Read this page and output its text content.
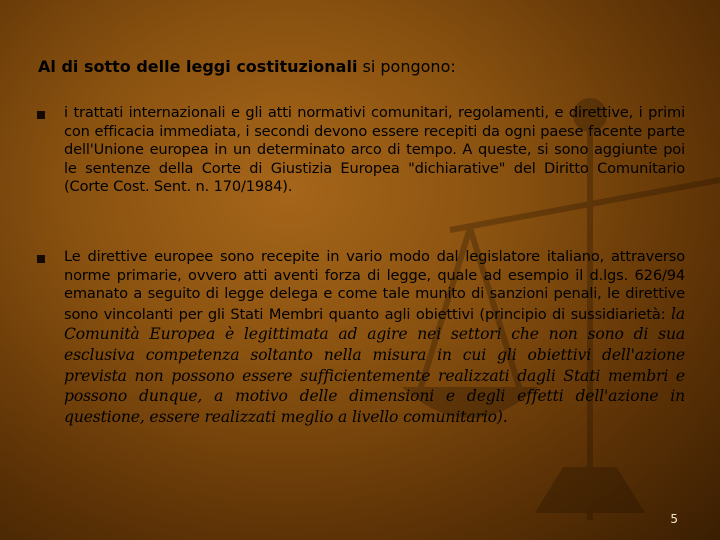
Al di sotto delle leggi costituzionali si pongono:
i trattati internazionali e gli atti normativi comunitari, regolamenti, e direttive, i primi con efficacia immediata, i secondi devono essere recepiti da ogni paese facente parte dell'Unione europea in un determinato arco di tempo. A queste, si sono aggiunte poi le sentenze della Corte di Giustizia Europea "dichiarative" del Diritto Comunitario (Corte Cost. Sent. n. 170/1984).
Le direttive europee sono recepite in vario modo dal legislatore italiano, attraverso norme primarie, ovvero atti aventi forza di legge, quale ad esempio il d.lgs. 626/94 emanato a seguito di legge delega e come tale munito di sanzioni penali, le direttive sono vincolanti per gli Stati Membri quanto agli obiettivi (principio di sussidiarietà: la Comunità Europea è legittimata ad agire nei settori che non sono di sua esclusiva competenza soltanto nella misura in cui gli obiettivi dell'azione prevista non possono essere sufficientemente realizzati dagli Stati membri e possono dunque, a motivo delle dimensioni e degli effetti dell'azione in questione, essere realizzati meglio a livello comunitario).
5
